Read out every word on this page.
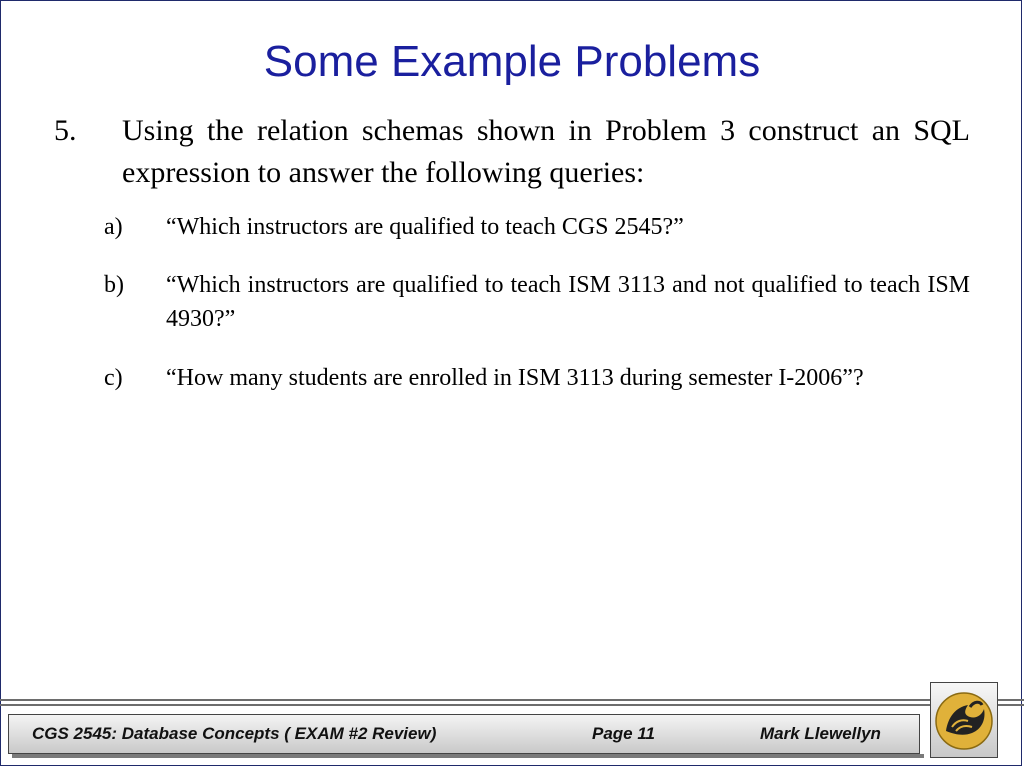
Some Example Problems
5. Using the relation schemas shown in Problem 3 construct an SQL expression to answer the following queries:
a) “Which instructors are qualified to teach CGS 2545?”
b) “Which instructors are qualified to teach ISM 3113 and not qualified to teach ISM 4930?”
c) “How many students are enrolled in ISM 3113 during semester I-2006”?
CGS 2545: Database Concepts ( EXAM #2 Review)	Page 11	Mark Llewellyn
